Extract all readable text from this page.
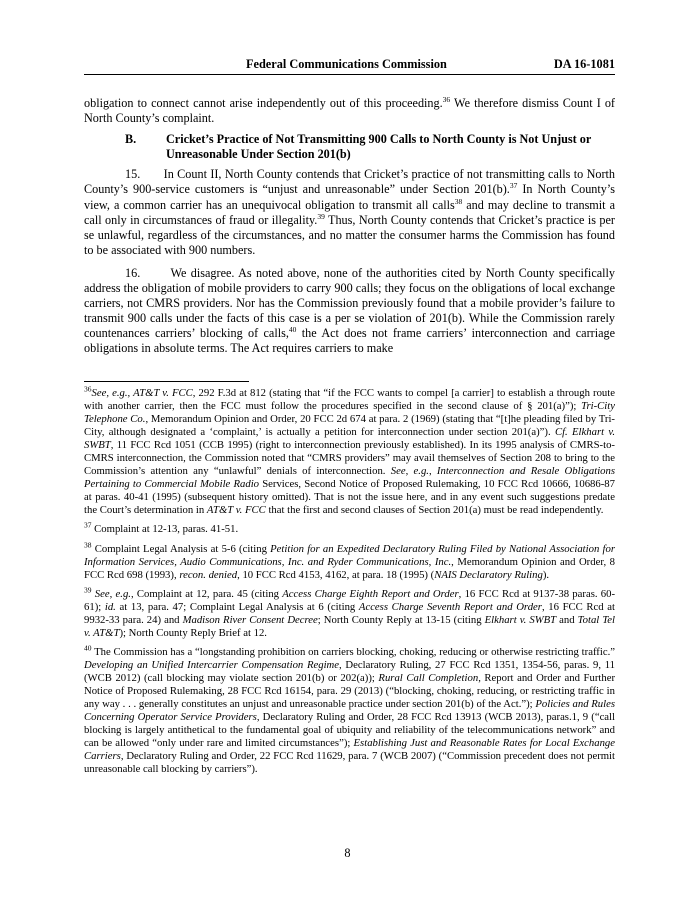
Federal Communications Commission	DA 16-1081

obligation to connect cannot arise independently out of this proceeding.$^{36}$ We therefore dismiss Count I of North County’s complaint.

B.	Cricket’s Practice of Not Transmitting 900 Calls to North County is Not Unjust or Unreasonable Under Section 201(b)

15. In Count II, North County contends that Cricket’s practice of not transmitting calls to North County’s 900-service customers is “unjust and unreasonable” under Section 201(b).$^{37}$ In North County’s view, a common carrier has an unequivocal obligation to transmit all calls$^{38}$ and may decline to transmit a call only in circumstances of fraud or illegality.$^{39}$ Thus, North County contends that Cricket’s practice is per se unlawful, regardless of the circumstances, and no matter the consumer harms the Commission has found to be associated with 900 numbers.

16. We disagree. As noted above, none of the authorities cited by North County specifically address the obligation of mobile providers to carry 900 calls; they focus on the obligations of local exchange carriers, not CMRS providers. Nor has the Commission previously found that a mobile provider’s failure to transmit 900 calls under the facts of this case is a per se violation of 201(b). While the Commission rarely countenances carriers’ blocking of calls,$^{40}$ the Act does not frame carriers’ interconnection and carriage obligations in absolute terms. The Act requires carriers to make

$^{36}$See, e.g., AT&T v. FCC, 292 F.3d at 812 (stating that “if the FCC wants to compel [a carrier] to establish a through route with another carrier, then the FCC must follow the procedures specified in the second clause of § 201(a)”); Tri-City Telephone Co., Memorandum Opinion and Order, 20 FCC 2d 674 at para. 2 (1969) (stating that “[t]he pleading filed by Tri-City, although designated a ‘complaint,’ is actually a petition for interconnection under section 201(a)”). Cf. Elkhart v. SWBT, 11 FCC Rcd 1051 (CCB 1995) (right to interconnection previously established). In its 1995 analysis of CMRS-to-CMRS interconnection, the Commission noted that “CMRS providers” may avail themselves of Section 208 to bring to the Commission’s attention any “unlawful” denials of interconnection. See, e.g., Interconnection and Resale Obligations Pertaining to Commercial Mobile Radio Services, Second Notice of Proposed Rulemaking, 10 FCC Rcd 10666, 10686-87 at paras. 40-41 (1995) (subsequent history omitted). That is not the issue here, and in any event such suggestions predate the Court’s determination in AT&T v. FCC that the first and second clauses of Section 201(a) must be read independently.

$^{37}$ Complaint at 12-13, paras. 41-51.

$^{38}$ Complaint Legal Analysis at 5-6 (citing Petition for an Expedited Declaratory Ruling Filed by National Association for Information Services, Audio Communications, Inc. and Ryder Communications, Inc., Memorandum Opinion and Order, 8 FCC Rcd 698 (1993), recon. denied, 10 FCC Rcd 4153, 4162, at para. 18 (1995) (NAIS Declaratory Ruling).

$^{39}$ See, e.g., Complaint at 12, para. 45 (citing Access Charge Eighth Report and Order, 16 FCC Rcd at 9137-38 paras. 60-61); id. at 13, para. 47; Complaint Legal Analysis at 6 (citing Access Charge Seventh Report and Order, 16 FCC Rcd at 9932-33 para. 24) and Madison River Consent Decree; North County Reply at 13-15 (citing Elkhart v. SWBT and Total Tel v. AT&T); North County Reply Brief at 12.

$^{40}$ The Commission has a “longstanding prohibition on carriers blocking, choking, reducing or otherwise restricting traffic.” Developing an Unified Intercarrier Compensation Regime, Declaratory Ruling, 27 FCC Rcd 1351, 1354-56, paras. 9, 11 (WCB 2012) (call blocking may violate section 201(b) or 202(a)); Rural Call Completion, Report and Order and Further Notice of Proposed Rulemaking, 28 FCC Rcd 16154, para. 29 (2013) (“blocking, choking, reducing, or restricting traffic in any way . . . generally constitutes an unjust and unreasonable practice under section 201(b) of the Act.”); Policies and Rules Concerning Operator Service Providers, Declaratory Ruling and Order, 28 FCC Rcd 13913 (WCB 2013), paras.1, 9 (“call blocking is largely antithetical to the fundamental goal of ubiquity and reliability of the telecommunications network” and can be allowed “only under rare and limited circumstances”); Establishing Just and Reasonable Rates for Local Exchange Carriers, Declaratory Ruling and Order, 22 FCC Rcd 11629, para. 7 (WCB 2007) (“Commission precedent does not permit unreasonable call blocking by carriers”).

8
